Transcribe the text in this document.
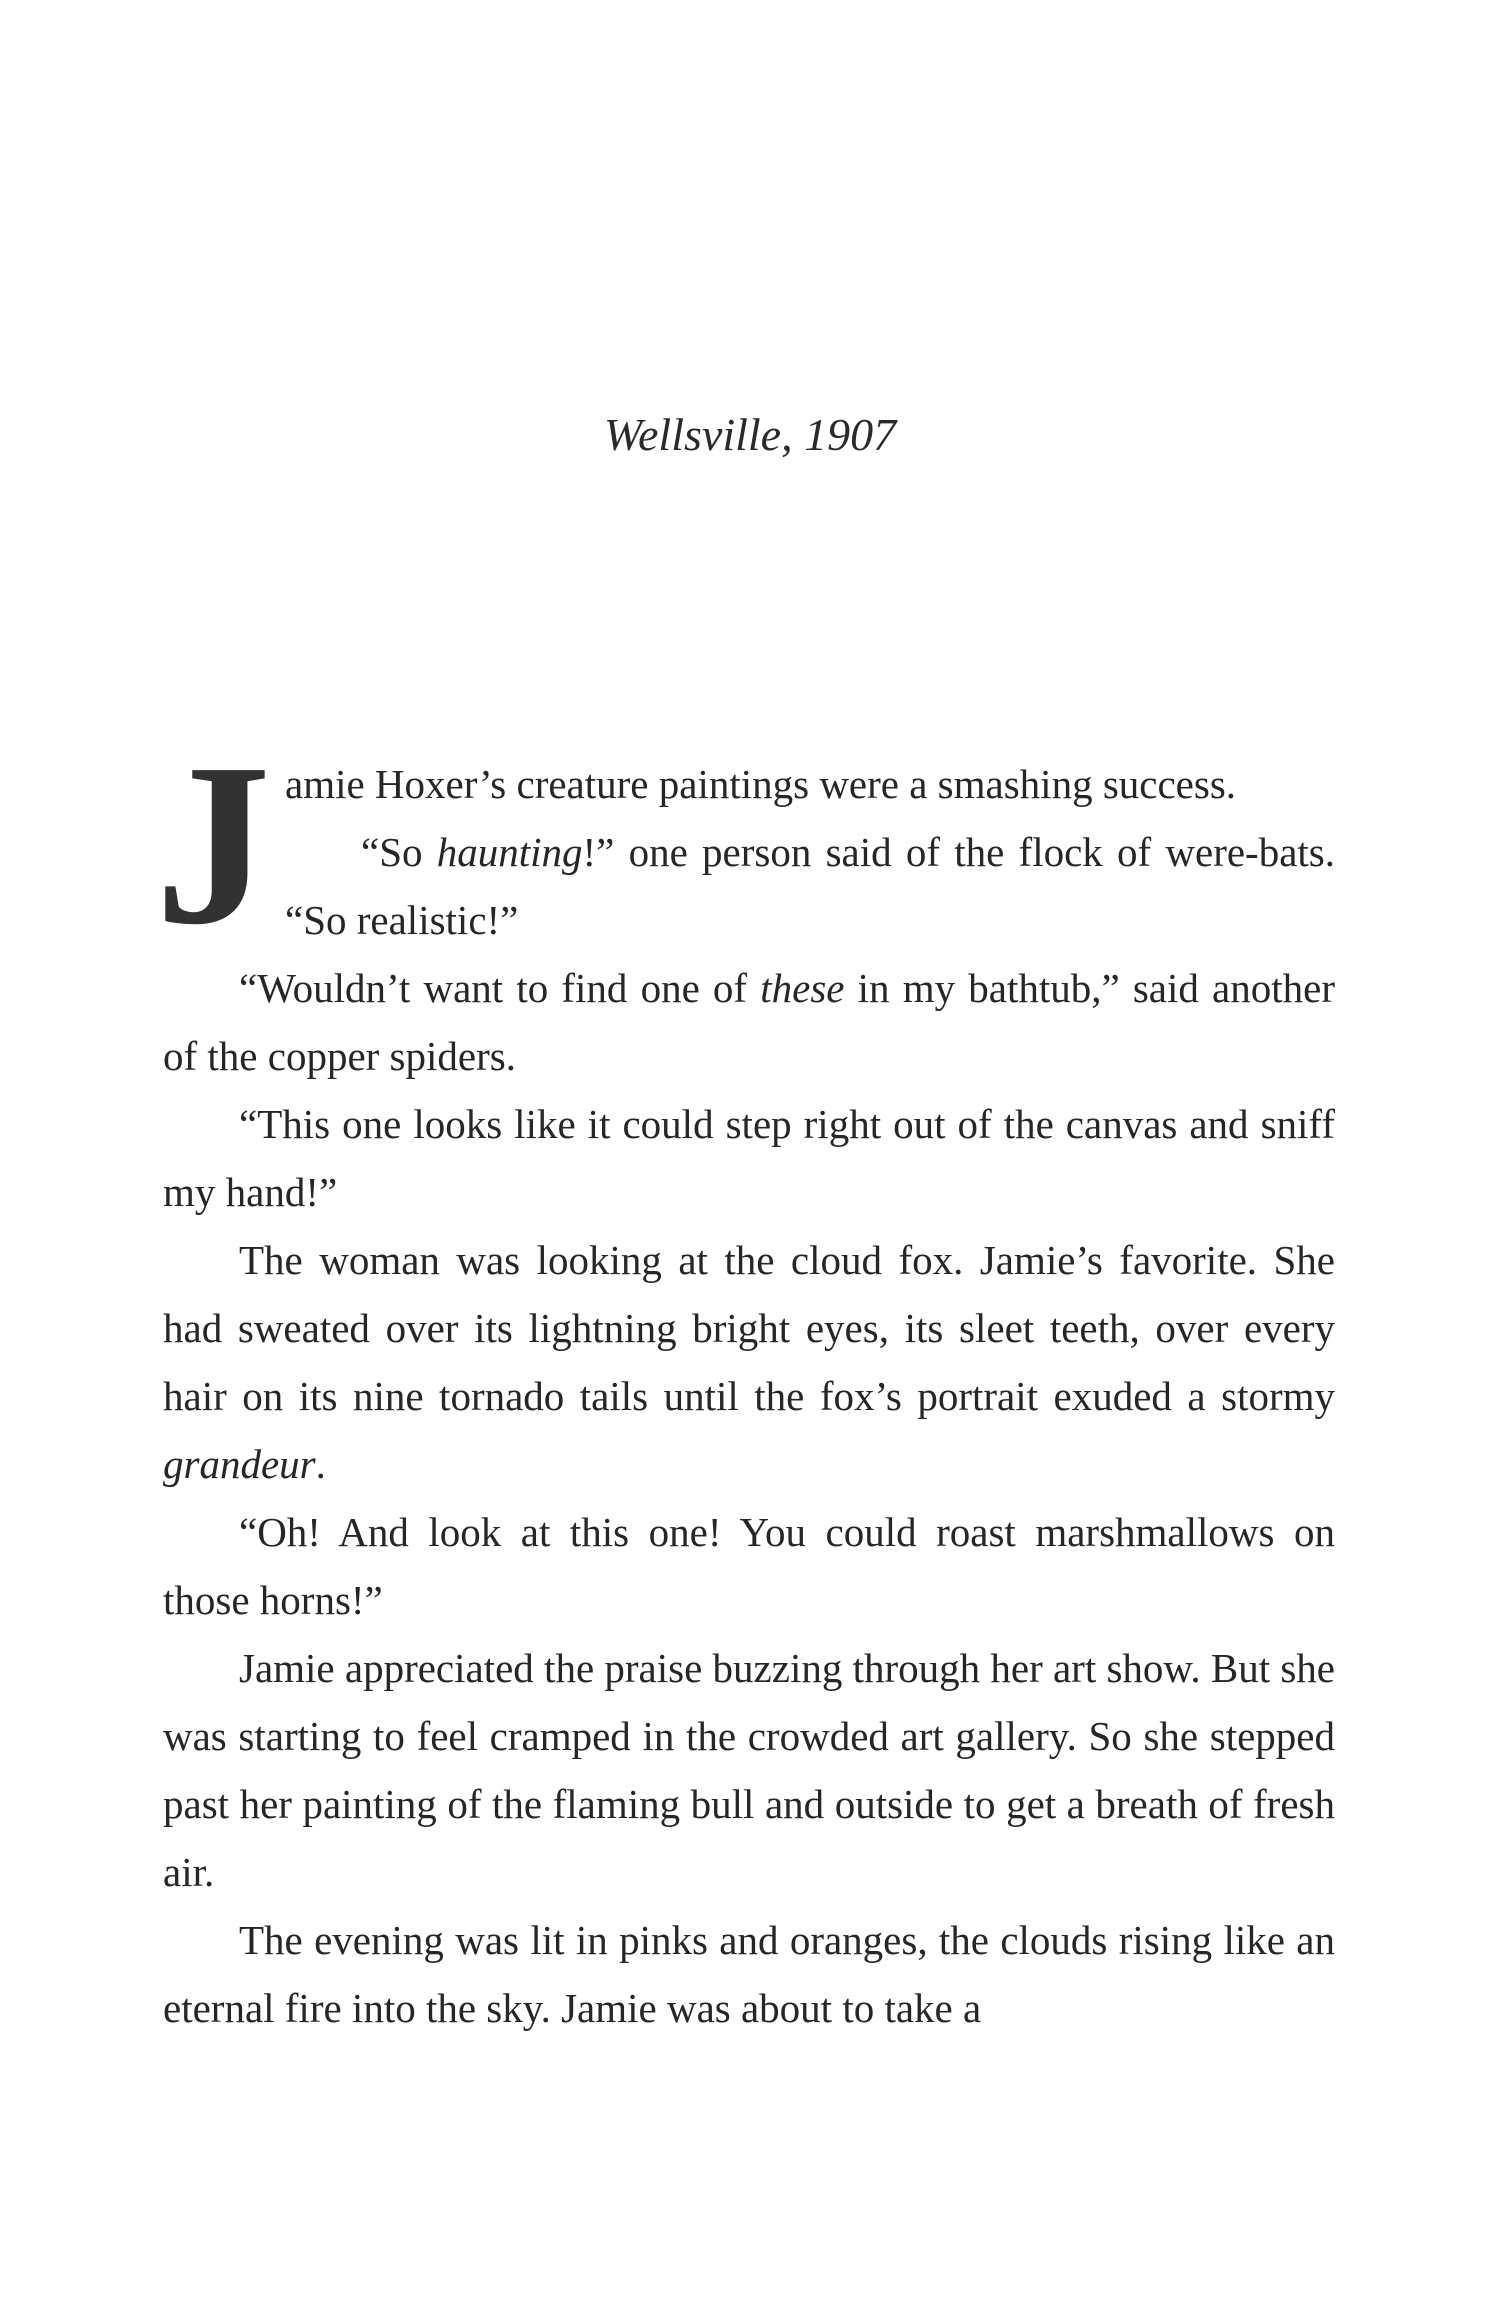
Wellsville, 1907

Jamie Hoxer’s creature paintings were a smashing success.

“So haunting!” one person said of the flock of were-bats. “So realistic!”

“Wouldn’t want to find one of these in my bathtub,” said another of the copper spiders.

“This one looks like it could step right out of the canvas and sniff my hand!”

The woman was looking at the cloud fox. Jamie’s favorite. She had sweated over its lightning bright eyes, its sleet teeth, over every hair on its nine tornado tails until the fox’s portrait exuded a stormy grandeur.

“Oh! And look at this one! You could roast marshmallows on those horns!”

Jamie appreciated the praise buzzing through her art show. But she was starting to feel cramped in the crowded art gallery. So she stepped past her painting of the flaming bull and outside to get a breath of fresh air.

The evening was lit in pinks and oranges, the clouds rising like an eternal fire into the sky. Jamie was about to take a
